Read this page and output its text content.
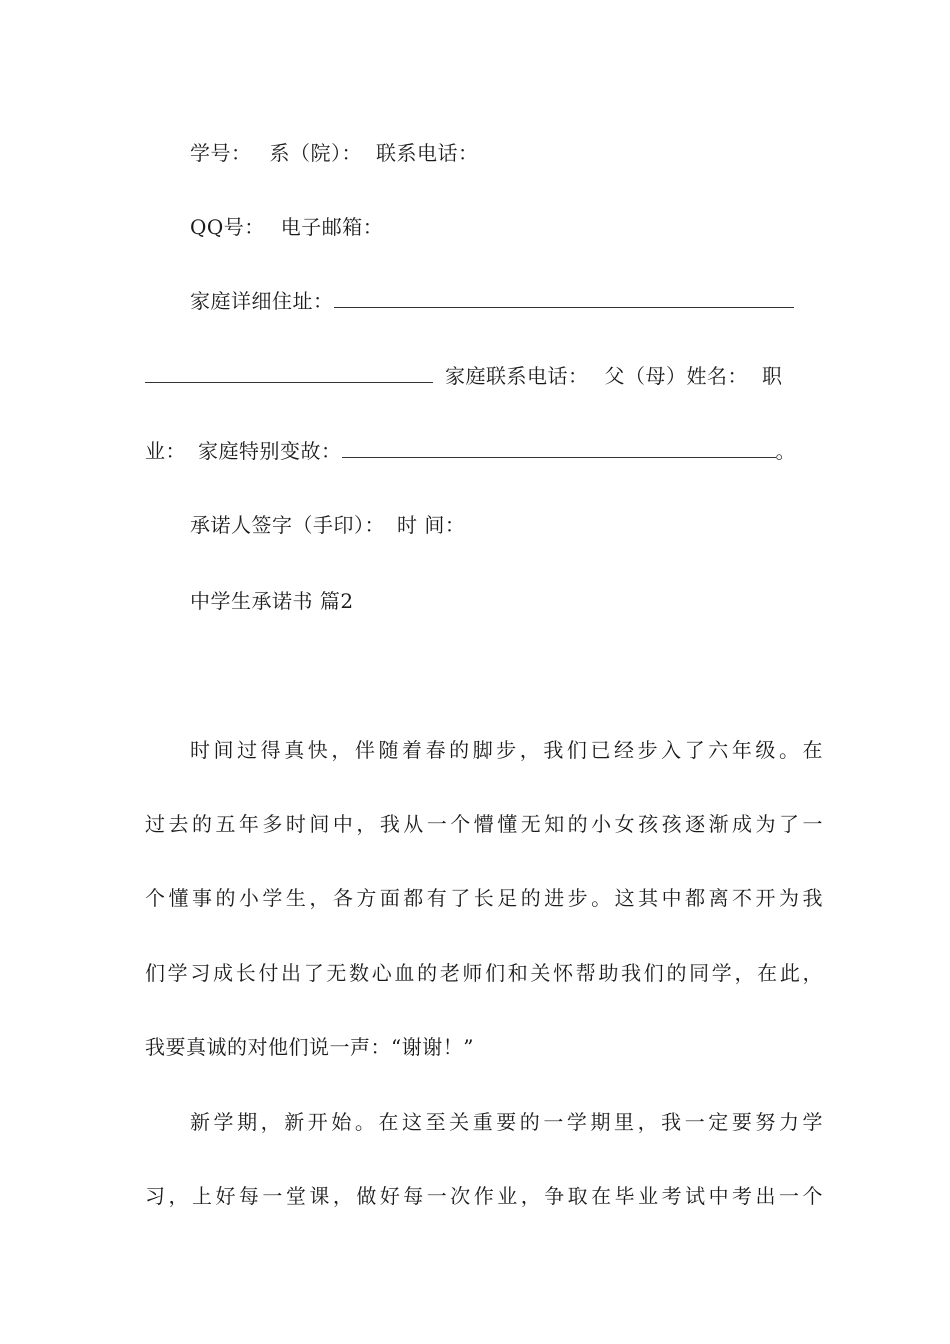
学号： 系（院）： 联系电话：
QQ号： 电子邮箱：
家庭详细住址：
家庭联系电话： 父（母）姓名： 职
业： 家庭特别变故：	。
承诺人签字（手印）： 时 间：
中学生承诺书 篇2
时间过得真快，伴随着春的脚步，我们已经步入了六年级。在
过去的五年多时间中，我从一个懵懂无知的小女孩孩逐渐成为了一
个懂事的小学生，各方面都有了长足的进步。这其中都离不开为我
们学习成长付出了无数心血的老师们和关怀帮助我们的同学，在此，
我要真诚的对他们说一声：“谢谢！”
新学期，新开始。在这至关重要的一学期里，我一定要努力学
习，上好每一堂课，做好每一次作业，争取在毕业考试中考出一个
